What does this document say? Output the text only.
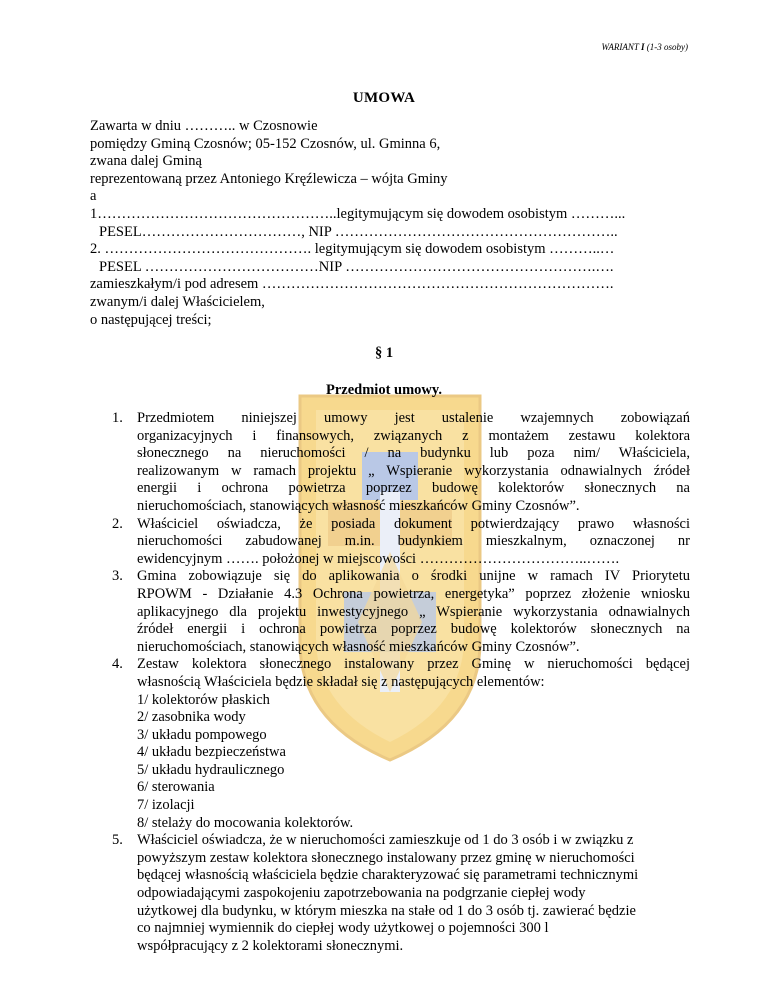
WARIANT I (1-3 osoby)
UMOWA
Zawarta w dniu ……….. w Czosnowie
pomiędzy Gminą Czosnów; 05-152 Czosnów, ul. Gminna 6,
zwana dalej Gminą
reprezentowaną przez Antoniego Kręźlewicza – wójta Gminy
a
1…………………………………………..legitymującym się dowodem osobistym ………...
PESEL……………………………, NIP …………………………………………………..
2. ……………………………………. legitymującym się dowodem osobistym ………..…
PESEL ………………………………NIP …………………………………………….….
zamieszkałym/i pod adresem ……………………………………………………………….
zwanym/i dalej Właścicielem,
o następującej treści;
§ 1
Przedmiot umowy.
1. Przedmiotem niniejszej umowy jest ustalenie wzajemnych zobowiązań
organizacyjnych i finansowych, związanych z montażem zestawu kolektora
słonecznego na nieruchomości / na budynku lub poza nim/ Właściciela,
realizowanym w ramach projektu „ Wspieranie wykorzystania odnawialnych źródeł
energii i ochrona powietrza poprzez budowę kolektorów słonecznych na
nieruchomościach, stanowiących własność mieszkańców Gminy Czosnów”.
2. Właściciel oświadcza, że posiada dokument potwierdzający prawo własności
nieruchomości zabudowanej m.in. budynkiem mieszkalnym, oznaczonej nr
ewidencyjnym ……. położonej w miejscowości ……………………………..…….
3. Gmina zobowiązuje się do aplikowania o środki unijne w ramach IV Priorytetu
RPOWM - Działanie 4.3 Ochrona powietrza, energetyka” poprzez złożenie wniosku
aplikacyjnego dla projektu inwestycyjnego „ Wspieranie wykorzystania odnawialnych
źródeł energii i ochrona powietrza poprzez budowę kolektorów słonecznych na
nieruchomościach, stanowiących własność mieszkańców Gminy Czosnów”.
4. Zestaw kolektora słonecznego instalowany przez Gminę w nieruchomości będącej
własnością Właściciela będzie składał się z następujących elementów:
1/ kolektorów płaskich
2/ zasobnika wody
3/ układu pompowego
4/ układu bezpieczeństwa
5/ układu hydraulicznego
6/ sterowania
7/ izolacji
8/ stelaży do mocowania kolektorów.
5. Właściciel oświadcza, że w nieruchomości zamieszkuje od 1 do 3 osób i w związku z
powyższym zestaw kolektora słonecznego instalowany przez gminę w nieruchomości
będącej własnością właściciela będzie charakteryzować się parametrami technicznymi
odpowiadającymi zaspokojeniu zapotrzebowania na podgrzanie ciepłej wody
użytkowej dla budynku, w którym mieszka na stałe od 1 do 3 osób tj. zawierać będzie
co najmniej wymiennik do ciepłej wody użytkowej o pojemności 300 l
współpracujący z 2 kolektorami słonecznymi.
